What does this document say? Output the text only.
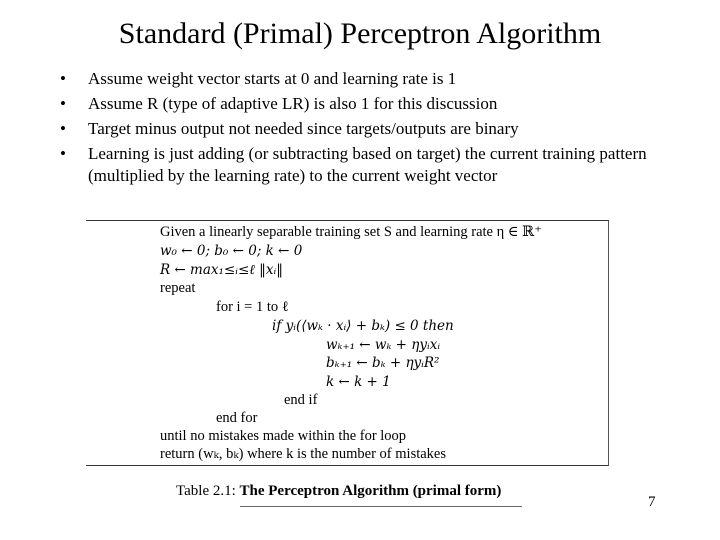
Standard (Primal) Perceptron Algorithm
• Assume weight vector starts at 0 and learning rate is 1
• Assume R (type of adaptive LR) is also 1 for this discussion
• Target minus output not needed since targets/outputs are binary
• Learning is just adding (or subtracting based on target) the current training pattern (multiplied by the learning rate) to the current weight vector
Given a linearly separable training set S and learning rate η ∈ ℝ⁺
w₀ ← 0; b₀ ← 0; k ← 0
R ← max₁≤ᵢ≤ℓ ‖xᵢ‖
repeat
for i = 1 to ℓ
if yᵢ(⟨wₖ · xᵢ⟩ + bₖ) ≤ 0 then
wₖ₊₁ ← wₖ + ηyᵢxᵢ
bₖ₊₁ ← bₖ + ηyᵢR²
k ← k + 1
end if
end for
until no mistakes made within the for loop
return (wₖ, bₖ) where k is the number of mistakes
Table 2.1: The Perceptron Algorithm (primal form)
7
